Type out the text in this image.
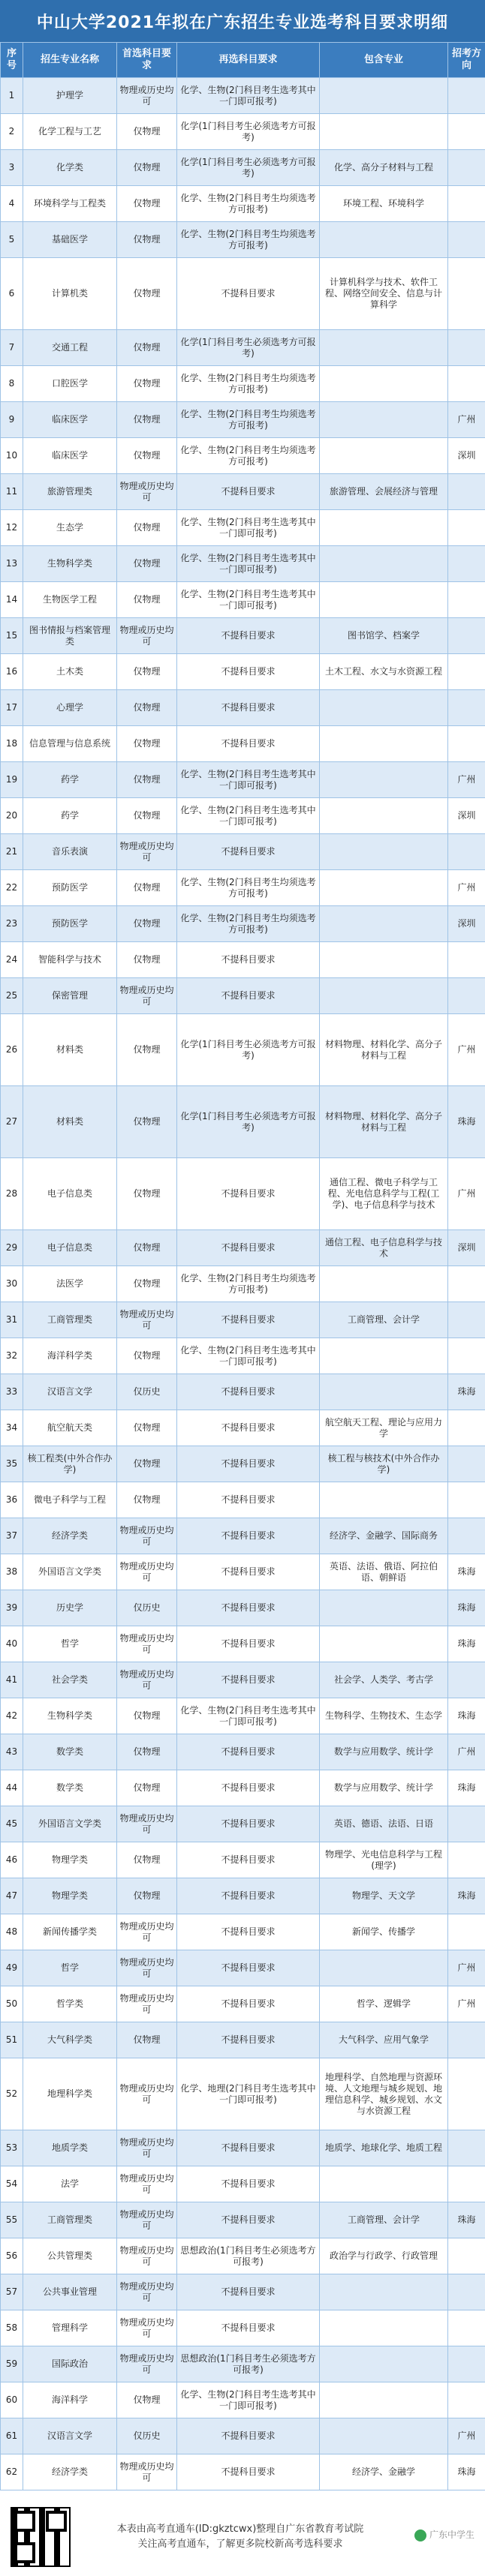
中山大学2021年拟在广东招生专业选考科目要求明细
序号	招生专业名称	首选科目要求	再选科目要求	包含专业	招考方向
1	护理学	物理或历史均可	化学、生物(2门科目考生选考其中一门即可报考)		
2	化学工程与工艺	仅物理	化学(1门科目考生必须选考方可报考)		
3	化学类	仅物理	化学(1门科目考生必须选考方可报考)	化学、高分子材料与工程	
4	环境科学与工程类	仅物理	化学、生物(2门科目考生均须选考方可报考)	环境工程、环境科学	
5	基础医学	仅物理	化学、生物(2门科目考生均须选考方可报考)		
6	计算机类	仅物理	不提科目要求	计算机科学与技术、软件工程、网络空间安全、信息与计算科学	
7	交通工程	仅物理	化学(1门科目考生必须选考方可报考)		
8	口腔医学	仅物理	化学、生物(2门科目考生均须选考方可报考)		
9	临床医学	仅物理	化学、生物(2门科目考生均须选考方可报考)		广州
10	临床医学	仅物理	化学、生物(2门科目考生均须选考方可报考)		深圳
11	旅游管理类	物理或历史均可	不提科目要求	旅游管理、会展经济与管理	
12	生态学	仅物理	化学、生物(2门科目考生选考其中一门即可报考)		
13	生物科学类	仅物理	化学、生物(2门科目考生选考其中一门即可报考)		
14	生物医学工程	仅物理	化学、生物(2门科目考生选考其中一门即可报考)		
15	图书情报与档案管理类	物理或历史均可	不提科目要求	图书馆学、档案学	
16	土木类	仅物理	不提科目要求	土木工程、水文与水资源工程	
17	心理学	仅物理	不提科目要求		
18	信息管理与信息系统	仅物理	不提科目要求		
19	药学	仅物理	化学、生物(2门科目考生选考其中一门即可报考)		广州
20	药学	仅物理	化学、生物(2门科目考生选考其中一门即可报考)		深圳
21	音乐表演	物理或历史均可	不提科目要求		
22	预防医学	仅物理	化学、生物(2门科目考生均须选考方可报考)		广州
23	预防医学	仅物理	化学、生物(2门科目考生均须选考方可报考)		深圳
24	智能科学与技术	仅物理	不提科目要求		
25	保密管理	物理或历史均可	不提科目要求		
26	材料类	仅物理	化学(1门科目考生必须选考方可报考)	材料物理、材料化学、高分子材料与工程	广州
27	材料类	仅物理	化学(1门科目考生必须选考方可报考)	材料物理、材料化学、高分子材料与工程	珠海
28	电子信息类	仅物理	不提科目要求	通信工程、微电子科学与工程、光电信息科学与工程(工学)、电子信息科学与技术	广州
29	电子信息类	仅物理	不提科目要求	通信工程、电子信息科学与技术	深圳
30	法医学	仅物理	化学、生物(2门科目考生均须选考方可报考)		
31	工商管理类	物理或历史均可	不提科目要求	工商管理、会计学	
32	海洋科学类	仅物理	化学、生物(2门科目考生选考其中一门即可报考)		
33	汉语言文学	仅历史	不提科目要求		珠海
34	航空航天类	仅物理	不提科目要求	航空航天工程、理论与应用力学	
35	核工程类(中外合作办学)	仅物理	不提科目要求	核工程与核技术(中外合作办学)	
36	微电子科学与工程	仅物理	不提科目要求		
37	经济学类	物理或历史均可	不提科目要求	经济学、金融学、国际商务	
38	外国语言文学类	物理或历史均可	不提科目要求	英语、法语、俄语、阿拉伯语、朝鲜语	珠海
39	历史学	仅历史	不提科目要求		珠海
40	哲学	物理或历史均可	不提科目要求		珠海
41	社会学类	物理或历史均可	不提科目要求	社会学、人类学、考古学	
42	生物科学类	仅物理	化学、生物(2门科目考生选考其中一门即可报考)	生物科学、生物技术、生态学	珠海
43	数学类	仅物理	不提科目要求	数学与应用数学、统计学	广州
44	数学类	仅物理	不提科目要求	数学与应用数学、统计学	珠海
45	外国语言文学类	物理或历史均可	不提科目要求	英语、德语、法语、日语	
46	物理学类	仅物理	不提科目要求	物理学、光电信息科学与工程(理学)	
47	物理学类	仅物理	不提科目要求	物理学、天文学	珠海
48	新闻传播学类	物理或历史均可	不提科目要求	新闻学、传播学	
49	哲学	物理或历史均可	不提科目要求		广州
50	哲学类	物理或历史均可	不提科目要求	哲学、逻辑学	广州
51	大气科学类	仅物理	不提科目要求	大气科学、应用气象学	
52	地理科学类	物理或历史均可	化学、地理(2门科目考生选考其中一门即可报考)	地理科学、自然地理与资源环境、人文地理与城乡规划、地理信息科学、城乡规划、水文与水资源工程	
53	地质学类	物理或历史均可	不提科目要求	地质学、地球化学、地质工程	
54	法学	物理或历史均可	不提科目要求		
55	工商管理类	物理或历史均可	不提科目要求	工商管理、会计学	珠海
56	公共管理类	物理或历史均可	思想政治(1门科目考生必须选考方可报考)	政治学与行政学、行政管理	
57	公共事业管理	物理或历史均可	不提科目要求		
58	管理科学	物理或历史均可	不提科目要求		
59	国际政治	物理或历史均可	思想政治(1门科目考生必须选考方可报考)		
60	海洋科学	仅物理	化学、生物(2门科目考生选考其中一门即可报考)		
61	汉语言文学	仅历史	不提科目要求		广州
62	经济学类	物理或历史均可	不提科目要求	经济学、金融学	珠海
本表由高考直通车(ID:gkztcwx)整理自广东省教育考试院
关注高考直通车，了解更多院校新高考选科要求
广东中学生
